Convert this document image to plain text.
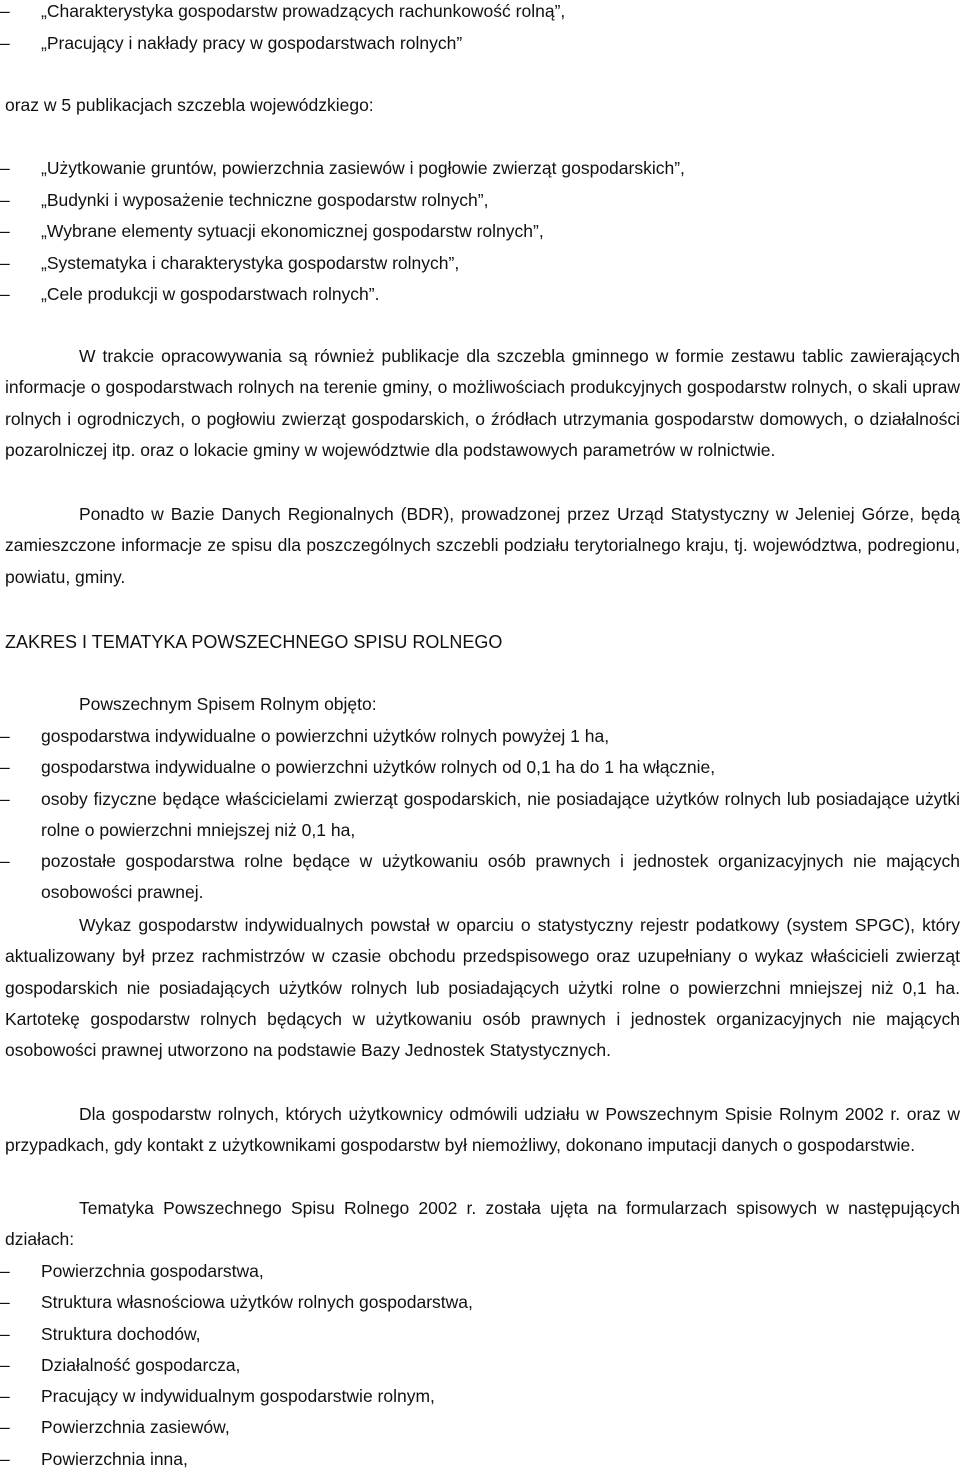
–	„Charakterystyka gospodarstw prowadzących rachunkowość rolną”,
–	„Pracujący i nakłady pracy w gospodarstwach rolnych”
oraz w 5 publikacjach szczebla wojewódzkiego:
–	„Użytkowanie gruntów, powierzchnia zasiewów i pogłowie zwierząt gospodarskich”,
–	„Budynki i wyposażenie techniczne gospodarstw rolnych”,
–	„Wybrane elementy sytuacji ekonomicznej gospodarstw rolnych”,
–	„Systematyka i charakterystyka gospodarstw rolnych”,
–	„Cele produkcji w gospodarstwach rolnych”.

W trakcie opracowywania są również publikacje dla szczebla gminnego w formie zestawu tablic zawierających informacje o gospodarstwach rolnych na terenie gminy, o możliwościach produkcyjnych gospodarstw rolnych, o skali upraw rolnych i ogrodniczych, o pogłowiu zwierząt gospodarskich, o źródłach utrzymania gospodarstw domowych, o działalności pozarolniczej itp. oraz o lokacie gminy w województwie dla podstawowych parametrów w rolnictwie.

Ponadto w Bazie Danych Regionalnych (BDR), prowadzonej przez Urząd Statystyczny w Jeleniej Górze, będą zamieszczone informacje ze spisu dla poszczególnych szczebli podziału terytorialnego kraju, tj. województwa, podregionu, powiatu, gminy.

ZAKRES I TEMATYKA POWSZECHNEGO SPISU ROLNEGO

Powszechnym Spisem Rolnym objęto:

–	gospodarstwa indywidualne o powierzchni użytków rolnych powyżej 1 ha,
–	gospodarstwa indywidualne o powierzchni użytków rolnych od 0,1 ha do 1 ha włącznie,
–	osoby fizyczne będące właścicielami zwierząt gospodarskich, nie posiadające użytków rolnych lub posiadające użytki rolne o powierzchni mniejszej niż 0,1 ha,
–	pozostałe gospodarstwa rolne będące w użytkowaniu osób prawnych i jednostek organizacyjnych nie mających osobowości prawnej.

Wykaz gospodarstw indywidualnych powstał w oparciu o statystyczny rejestr podatkowy (system SPGC), który aktualizowany był przez rachmistrzów w czasie obchodu przedspisowego oraz uzupełniany o wykaz właścicieli zwierząt gospodarskich nie posiadających użytków rolnych lub posiadających użytki rolne o powierzchni mniejszej niż 0,1 ha. Kartotekę gospodarstw rolnych będących w użytkowaniu osób prawnych i jednostek organizacyjnych nie mających osobowości prawnej utworzono na podstawie Bazy Jednostek Statystycznych.

Dla gospodarstw rolnych, których użytkownicy odmówili udziału w Powszechnym Spisie Rolnym 2002 r. oraz w przypadkach, gdy kontakt z użytkownikami gospodarstw był niemożliwy, dokonano imputacji danych o gospodarstwie.

Tematyka Powszechnego Spisu Rolnego 2002 r. została ujęta na formularzach spisowych w następujących działach:

–	Powierzchnia gospodarstwa,
–	Struktura własnościowa użytków rolnych gospodarstwa,
–	Struktura dochodów,
–	Działalność gospodarcza,
–	Pracujący w indywidualnym gospodarstwie rolnym,
–	Powierzchnia zasiewów,
–	Powierzchnia inna,
